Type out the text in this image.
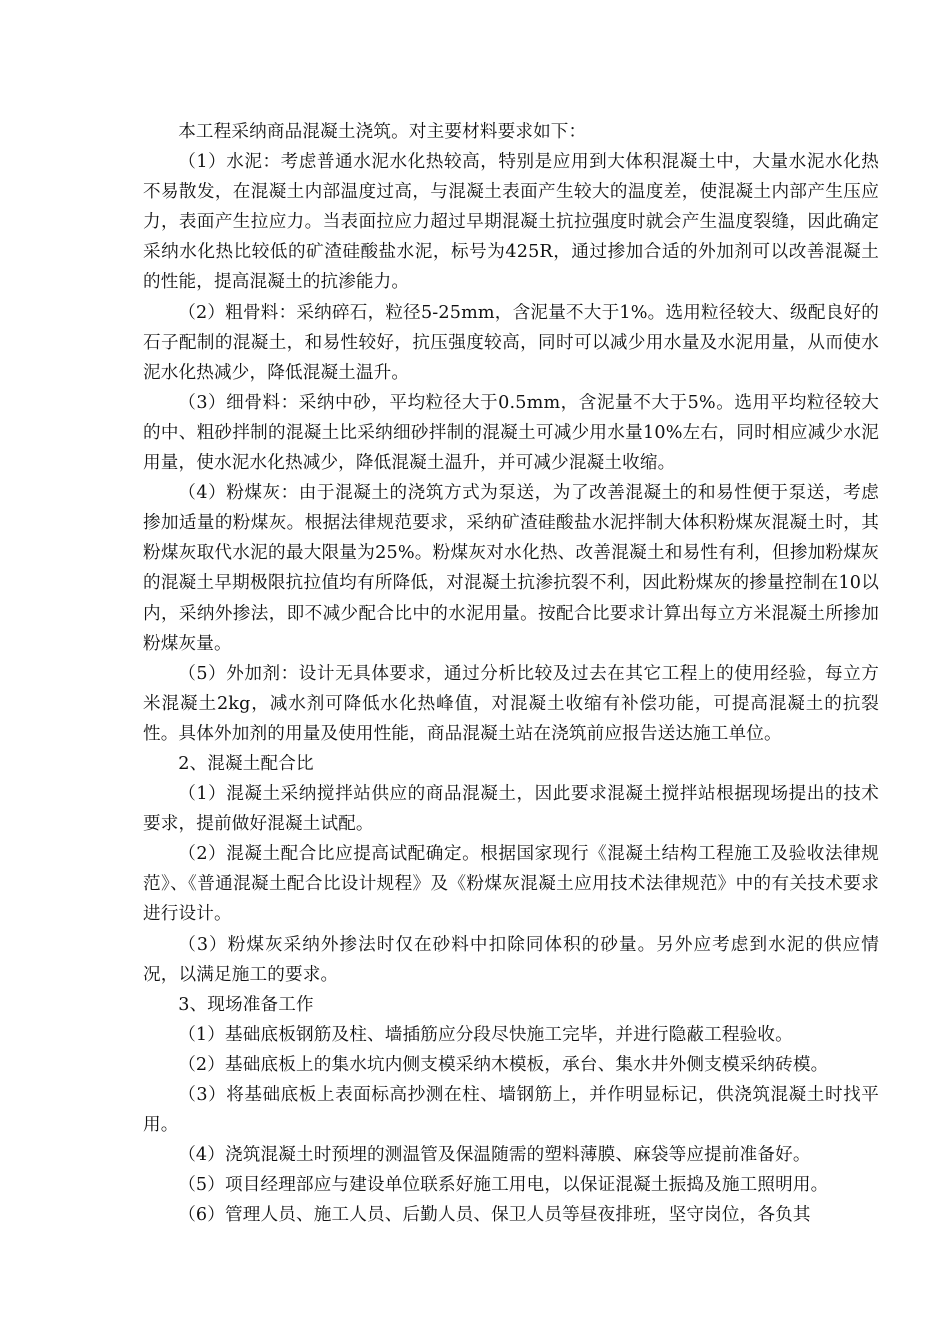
本工程采纳商品混凝土浇筑。对主要材料要求如下：

（1）水泥：考虑普通水泥水化热较高，特别是应用到大体积混凝土中，大量水泥水化热不易散发，在混凝土内部温度过高，与混凝土表面产生较大的温度差，使混凝土内部产生压应力，表面产生拉应力。当表面拉应力超过早期混凝土抗拉强度时就会产生温度裂缝，因此确定采纳水化热比较低的矿渣硅酸盐水泥，标号为425R，通过掺加合适的外加剂可以改善混凝土的性能，提高混凝土的抗渗能力。

（2）粗骨料：采纳碎石，粒径5-25mm，含泥量不大于1%。选用粒径较大、级配良好的石子配制的混凝土，和易性较好，抗压强度较高，同时可以减少用水量及水泥用量，从而使水泥水化热减少，降低混凝土温升。

（3）细骨料：采纳中砂，平均粒径大于0.5mm，含泥量不大于5%。选用平均粒径较大的中、粗砂拌制的混凝土比采纳细砂拌制的混凝土可减少用水量10%左右，同时相应减少水泥用量，使水泥水化热减少，降低混凝土温升，并可减少混凝土收缩。

（4）粉煤灰：由于混凝土的浇筑方式为泵送，为了改善混凝土的和易性便于泵送，考虑掺加适量的粉煤灰。根据法律规范要求，采纳矿渣硅酸盐水泥拌制大体积粉煤灰混凝土时，其粉煤灰取代水泥的最大限量为25%。粉煤灰对水化热、改善混凝土和易性有利，但掺加粉煤灰的混凝土早期极限抗拉值均有所降低，对混凝土抗渗抗裂不利，因此粉煤灰的掺量控制在10以内，采纳外掺法，即不减少配合比中的水泥用量。按配合比要求计算出每立方米混凝土所掺加粉煤灰量。

（5）外加剂：设计无具体要求，通过分析比较及过去在其它工程上的使用经验，每立方米混凝土2kg，减水剂可降低水化热峰值，对混凝土收缩有补偿功能，可提高混凝土的抗裂性。具体外加剂的用量及使用性能，商品混凝土站在浇筑前应报告送达施工单位。

2、混凝土配合比

（1）混凝土采纳搅拌站供应的商品混凝土，因此要求混凝土搅拌站根据现场提出的技术要求，提前做好混凝土试配。

（2）混凝土配合比应提高试配确定。根据国家现行《混凝土结构工程施工及验收法律规范》、《普通混凝土配合比设计规程》及《粉煤灰混凝土应用技术法律规范》中的有关技术要求进行设计。

（3）粉煤灰采纳外掺法时仅在砂料中扣除同体积的砂量。另外应考虑到水泥的供应情况，以满足施工的要求。

3、现场准备工作

（1）基础底板钢筋及柱、墙插筋应分段尽快施工完毕，并进行隐蔽工程验收。

（2）基础底板上的集水坑内侧支模采纳木模板，承台、集水井外侧支模采纳砖模。

（3）将基础底板上表面标高抄测在柱、墙钢筋上，并作明显标记，供浇筑混凝土时找平用。

（4）浇筑混凝土时预埋的测温管及保温随需的塑料薄膜、麻袋等应提前准备好。

（5）项目经理部应与建设单位联系好施工用电，以保证混凝土振捣及施工照明用。

（6）管理人员、施工人员、后勤人员、保卫人员等昼夜排班，坚守岗位，各负其
